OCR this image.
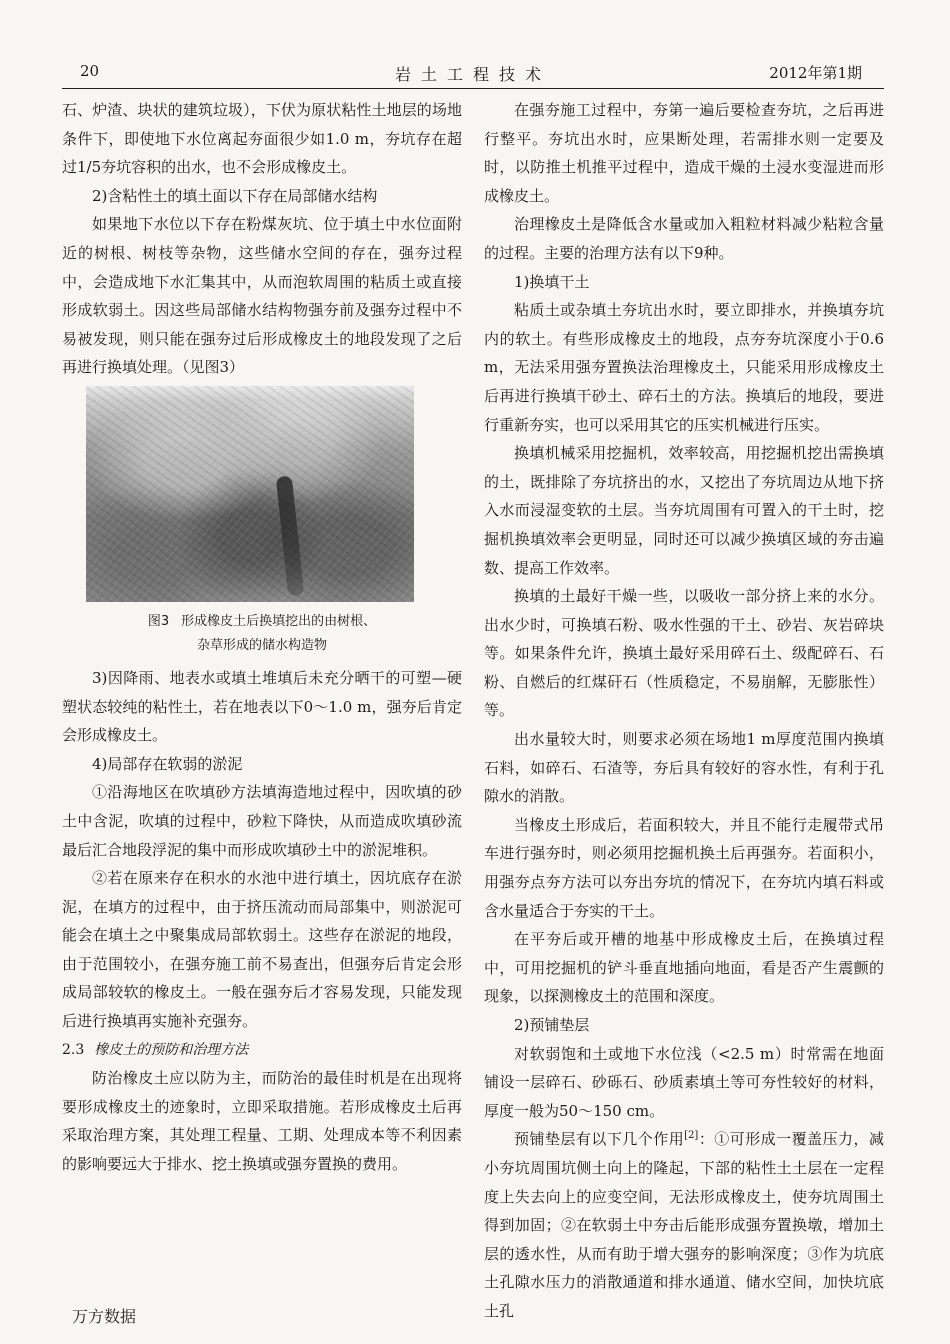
20	岩土工程技术	2012年第1期

石、炉渣、块状的建筑垃圾），下伏为原状粘性土地层的场地条件下，即使地下水位离起夯面很少如1.0 m，夯坑存在超过1/5夯坑容积的出水，也不会形成橡皮土。

2)含粘性土的填土面以下存在局部储水结构

如果地下水位以下存在粉煤灰坑、位于填土中水位面附近的树根、树枝等杂物，这些储水空间的存在，强夯过程中，会造成地下水汇集其中，从而泡软周围的粘质土或直接形成软弱土。因这些局部储水结构物强夯前及强夯过程中不易被发现，则只能在强夯过后形成橡皮土的地段发现了之后再进行换填处理。（见图3）

图3 形成橡皮土后换填挖出的由树根、
杂草形成的储水构造物

3)因降雨、地表水或填土堆填后未充分晒干的可塑—硬塑状态较纯的粘性土，若在地表以下0～1.0 m，强夯后肯定会形成橡皮土。

4)局部存在软弱的淤泥

①沿海地区在吹填砂方法填海造地过程中，因吹填的砂土中含泥，吹填的过程中，砂粒下降快，从而造成吹填砂流最后汇合地段浮泥的集中而形成吹填砂土中的淤泥堆积。

②若在原来存在积水的水池中进行填土，因坑底存在淤泥，在填方的过程中，由于挤压流动而局部集中，则淤泥可能会在填土之中聚集成局部软弱土。这些存在淤泥的地段，由于范围较小，在强夯施工前不易查出，但强夯后肯定会形成局部较软的橡皮土。一般在强夯后才容易发现，只能发现后进行换填再实施补充强夯。

2.3 橡皮土的预防和治理方法

防治橡皮土应以防为主，而防治的最佳时机是在出现将要形成橡皮土的迹象时，立即采取措施。若形成橡皮土后再采取治理方案，其处理工程量、工期、处理成本等不利因素的影响要远大于排水、挖土换填或强夯置换的费用。

在强夯施工过程中，夯第一遍后要检查夯坑，之后再进行整平。夯坑出水时，应果断处理，若需排水则一定要及时，以防推土机推平过程中，造成干燥的土浸水变湿进而形成橡皮土。

治理橡皮土是降低含水量或加入粗粒材料减少粘粒含量的过程。主要的治理方法有以下9种。

1)换填干土

粘质土或杂填土夯坑出水时，要立即排水，并换填夯坑内的软土。有些形成橡皮土的地段，点夯夯坑深度小于0.6 m，无法采用强夯置换法治理橡皮土，只能采用形成橡皮土后再进行换填干砂土、碎石土的方法。换填后的地段，要进行重新夯实，也可以采用其它的压实机械进行压实。

换填机械采用挖掘机，效率较高，用挖掘机挖出需换填的土，既排除了夯坑挤出的水，又挖出了夯坑周边从地下挤入水而浸湿变软的土层。当夯坑周围有可置入的干土时，挖掘机换填效率会更明显，同时还可以减少换填区域的夯击遍数、提高工作效率。

换填的土最好干燥一些，以吸收一部分挤上来的水分。出水少时，可换填石粉、吸水性强的干土、砂岩、灰岩碎块等。如果条件允许，换填土最好采用碎石土、级配碎石、石粉、自燃后的红煤矸石（性质稳定，不易崩解，无膨胀性）等。

出水量较大时，则要求必须在场地1 m厚度范围内换填石料，如碎石、石渣等，夯后具有较好的容水性，有利于孔隙水的消散。

当橡皮土形成后，若面积较大，并且不能行走履带式吊车进行强夯时，则必须用挖掘机换土后再强夯。若面积小，用强夯点夯方法可以夯出夯坑的情况下，在夯坑内填石料或含水量适合于夯实的干土。

在平夯后或开槽的地基中形成橡皮土后，在换填过程中，可用挖掘机的铲斗垂直地插向地面，看是否产生震颤的现象，以探测橡皮土的范围和深度。

2)预铺垫层

对软弱饱和土或地下水位浅（<2.5 m）时常需在地面铺设一层碎石、砂砾石、砂质素填土等可夯性较好的材料，厚度一般为50～150 cm。

预铺垫层有以下几个作用[2]：①可形成一覆盖压力，减小夯坑周围坑侧土向上的隆起，下部的粘性土土层在一定程度上失去向上的应变空间，无法形成橡皮土，使夯坑周围土得到加固；②在软弱土中夯击后能形成强夯置换墩，增加土层的透水性，从而有助于增大强夯的影响深度；③作为坑底土孔隙水压力的消散通道和排水通道、储水空间，加快坑底土孔

万方数据
